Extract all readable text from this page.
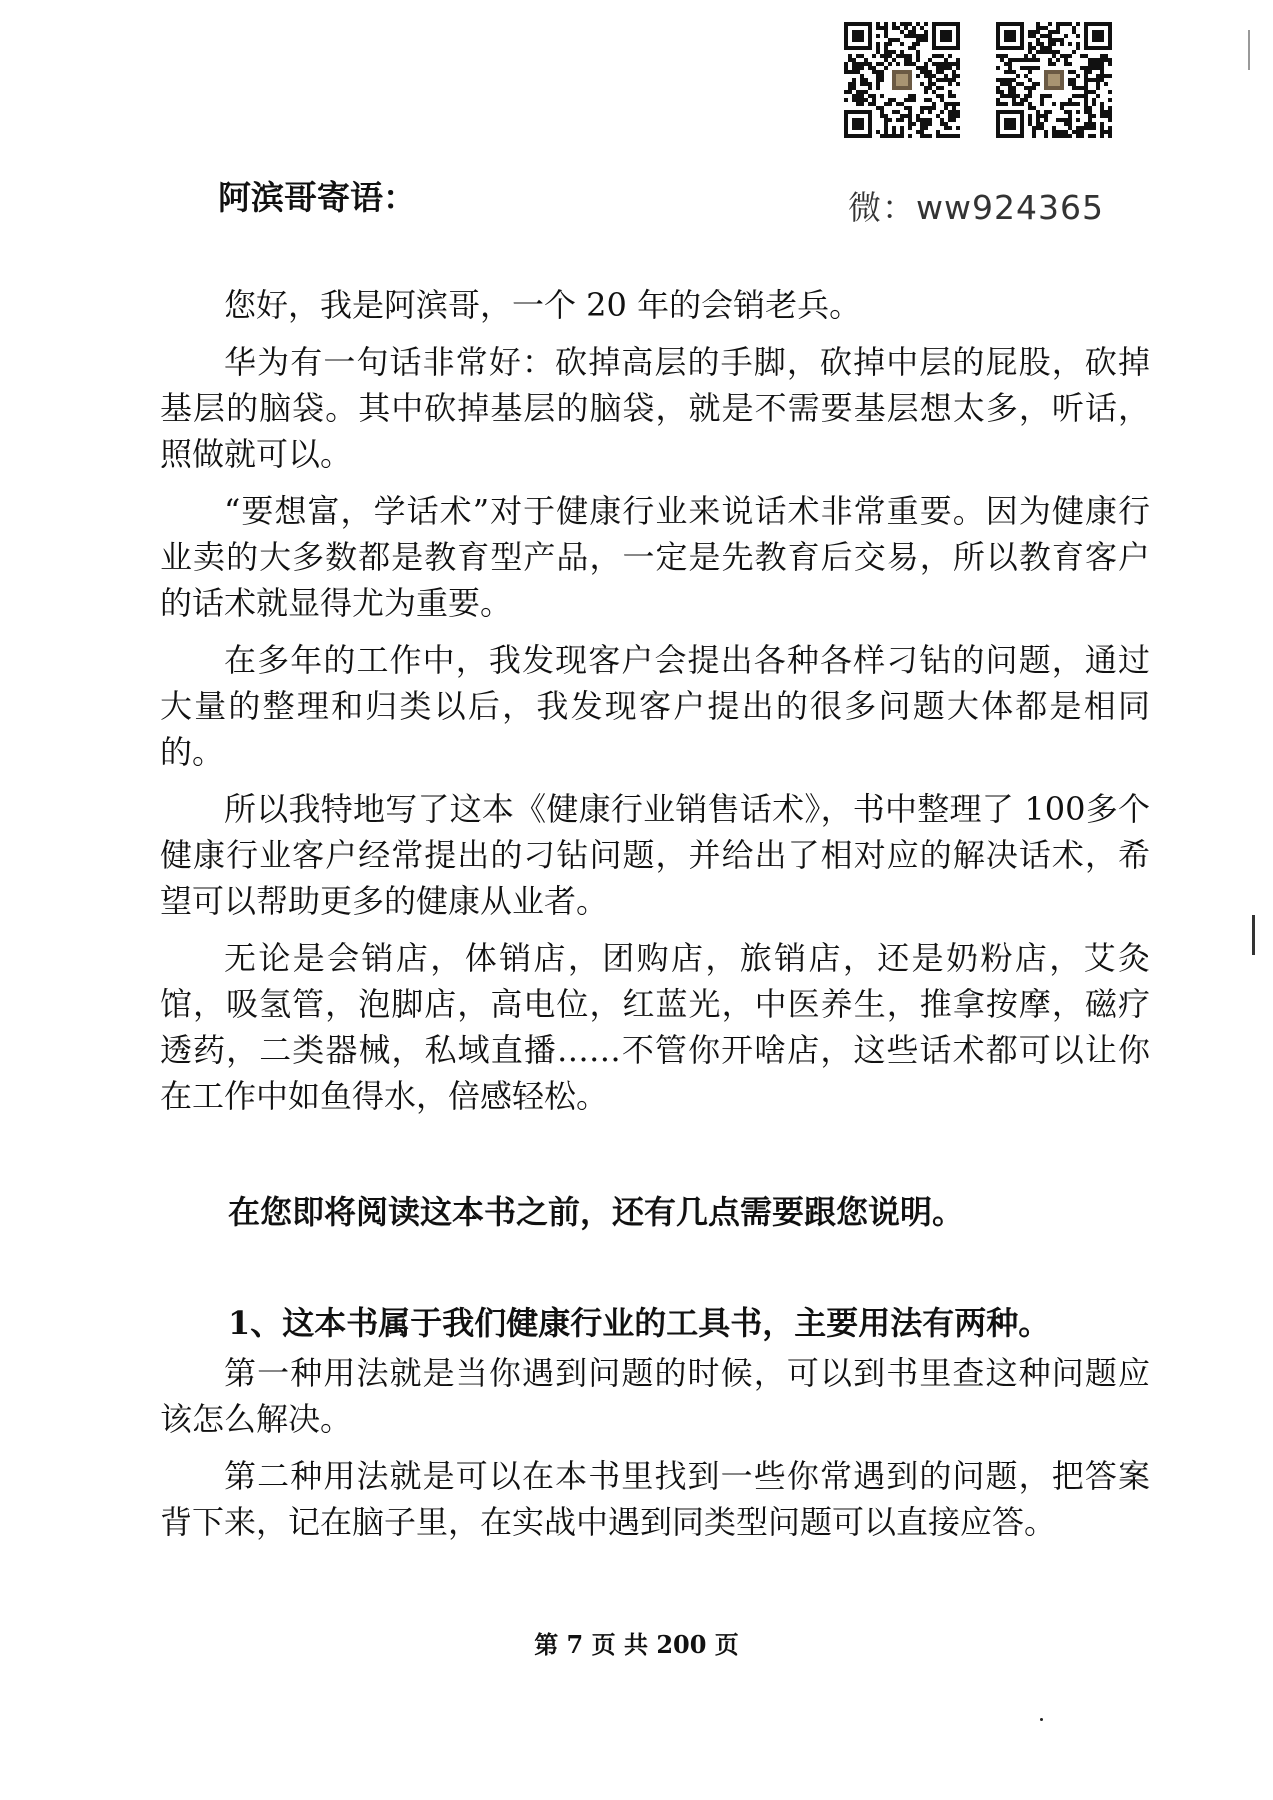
微：ww924365
阿滨哥寄语：

您好，我是阿滨哥，一个 20 年的会销老兵。

华为有一句话非常好：砍掉高层的手脚，砍掉中层的屁股，砍掉基层的脑袋。其中砍掉基层的脑袋，就是不需要基层想太多，听话，照做就可以。

“要想富，学话术”对于健康行业来说话术非常重要。因为健康行业卖的大多数都是教育型产品，一定是先教育后交易，所以教育客户的话术就显得尤为重要。

在多年的工作中，我发现客户会提出各种各样刁钻的问题，通过大量的整理和归类以后，我发现客户提出的很多问题大体都是相同的。

所以我特地写了这本《健康行业销售话术》，书中整理了 100多个健康行业客户经常提出的刁钻问题，并给出了相对应的解决话术，希望可以帮助更多的健康从业者。

无论是会销店，体销店，团购店，旅销店，还是奶粉店，艾灸馆，吸氢管，泡脚店，高电位，红蓝光，中医养生，推拿按摩，磁疗透药，二类器械，私域直播……不管你开啥店，这些话术都可以让你在工作中如鱼得水，倍感轻松。

在您即将阅读这本书之前，还有几点需要跟您说明。
1、这本书属于我们健康行业的工具书，主要用法有两种。

第一种用法就是当你遇到问题的时候，可以到书里查这种问题应该怎么解决。

第二种用法就是可以在本书里找到一些你常遇到的问题，把答案背下来，记在脑子里，在实战中遇到同类型问题可以直接应答。

第 7 页 共 200 页
